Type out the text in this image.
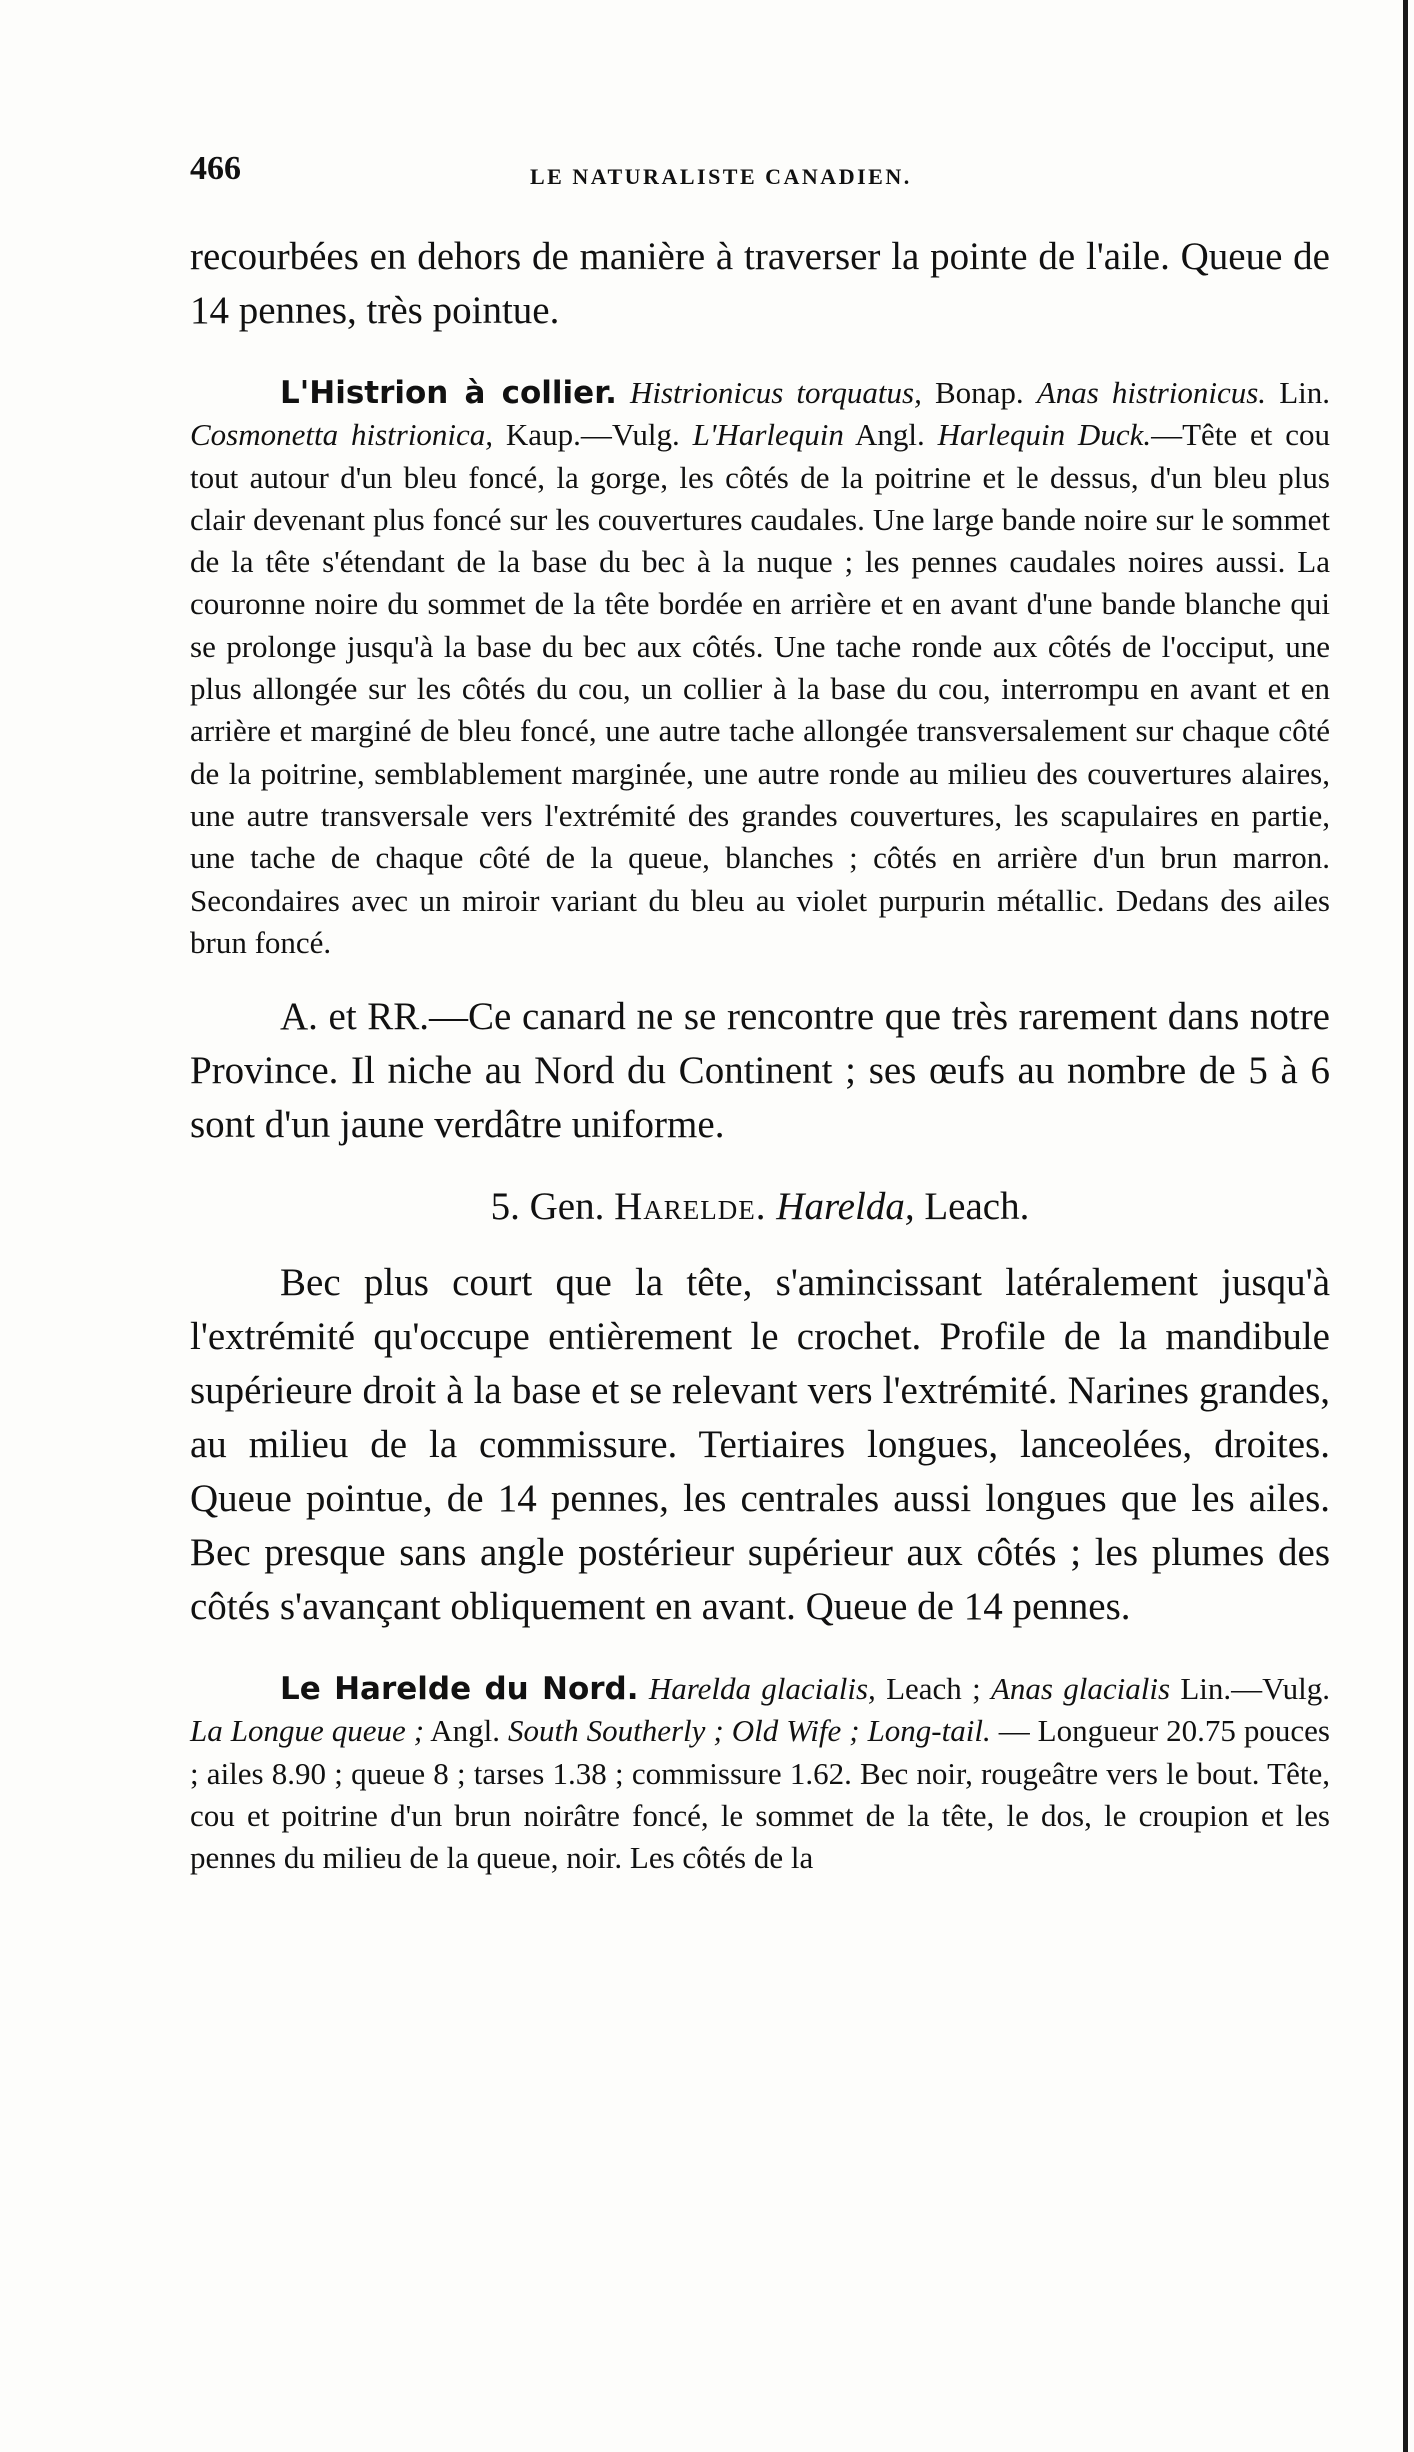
466	LE NATURALISTE CANADIEN.

recourbées en dehors de manière à traverser la pointe de l'aile. Queue de 14 pennes, très pointue.

L'Histrion à collier. Histrionicus torquatus, Bonap. Anas histrionicus. Lin. Cosmonetta histrionica, Kaup.—Vulg. L'Harlequin Angl. Harlequin Duck.—Tête et cou tout autour d'un bleu foncé, la gorge, les côtés de la poitrine et le dessus, d'un bleu plus clair devenant plus foncé sur les couvertures caudales. Une large bande noire sur le sommet de la tête s'étendant de la base du bec à la nuque ; les pennes caudales noires aussi. La couronne noire du sommet de la tête bordée en arrière et en avant d'une bande blanche qui se prolonge jusqu'à la base du bec aux côtés. Une tache ronde aux côtés de l'occiput, une plus allongée sur les côtés du cou, un collier à la base du cou, interrompu en avant et en arrière et marginé de bleu foncé, une autre tache allongée transversalement sur chaque côté de la poitrine, semblablement marginée, une autre ronde au milieu des couvertures alaires, une autre transversale vers l'extrémité des grandes couvertures, les scapulaires en partie, une tache de chaque côté de la queue, blanches ; côtés en arrière d'un brun marron. Secondaires avec un miroir variant du bleu au violet purpurin métallic. Dedans des ailes brun foncé.

A. et RR.—Ce canard ne se rencontre que très rarement dans notre Province. Il niche au Nord du Continent ; ses œufs au nombre de 5 à 6 sont d'un jaune verdâtre uniforme.

5. Gen. Harelde. Harelda, Leach.

Bec plus court que la tête, s'amincissant latéralement jusqu'à l'extrémité qu'occupe entièrement le crochet. Profile de la mandibule supérieure droit à la base et se relevant vers l'extrémité. Narines grandes, au milieu de la commissure. Tertiaires longues, lanceolées, droites. Queue pointue, de 14 pennes, les centrales aussi longues que les ailes. Bec presque sans angle postérieur supérieur aux côtés ; les plumes des côtés s'avançant obliquement en avant. Queue de 14 pennes.

Le Harelde du Nord. Harelda glacialis, Leach ; Anas glacialis Lin.—Vulg. La Longue queue ; Angl. South Southerly ; Old Wife ; Long-tail. — Longueur 20.75 pouces ; ailes 8.90 ; queue 8 ; tarses 1.38 ; commissure 1.62. Bec noir, rougeâtre vers le bout. Tête, cou et poitrine d'un brun noirâtre foncé, le sommet de la tête, le dos, le croupion et les pennes du milieu de la queue, noir. Les côtés de la
